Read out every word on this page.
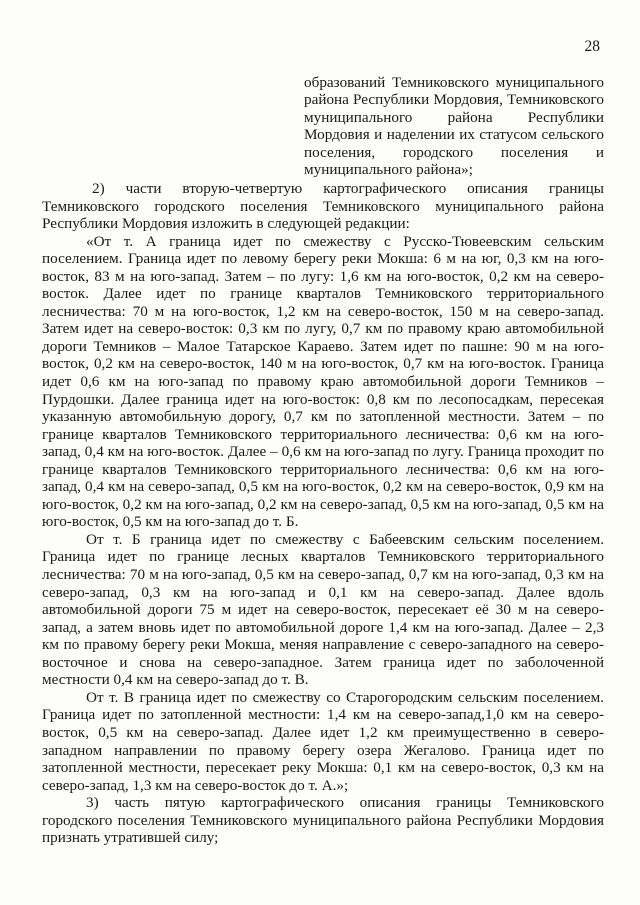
28
образований Темниковского муниципального района Республики Мордовия, Темниковского муниципального района Республики Мордовия и наделении их статусом сельского поселения, городского поселения и муниципального района»;

2) части вторую-четвертую картографического описания границы Темниковского городского поселения Темниковского муниципального района Республики Мордовия изложить в следующей редакции:

«От т. А граница идет по смежеству с Русско-Тювеевским сельским поселением. Граница идет по левому берегу реки Мокша: 6 м на юг, 0,3 км на юго-восток, 83 м на юго-запад. Затем – по лугу: 1,6 км на юго-восток, 0,2 км на северо-восток. Далее идет по границе кварталов Темниковского территориального лесничества: 70 м на юго-восток, 1,2 км на северо-восток, 150 м на северо-запад. Затем идет на северо-восток: 0,3 км по лугу, 0,7 км по правому краю автомобильной дороги Темников – Малое Татарское Караево. Затем идет по пашне: 90 м на юго-восток, 0,2 км на северо-восток, 140 м на юго-восток, 0,7 км на юго-восток. Граница идет 0,6 км на юго-запад по правому краю автомобильной дороги Темников – Пурдошки. Далее граница идет на юго-восток: 0,8 км по лесопосадкам, пересекая указанную автомобильную дорогу, 0,7 км по затопленной местности. Затем – по границе кварталов Темниковского территориального лесничества: 0,6 км на юго-запад, 0,4 км на юго-восток. Далее – 0,6 км на юго-запад по лугу. Граница проходит по границе кварталов Темниковского территориального лесничества: 0,6 км на юго-запад, 0,4 км на северо-запад, 0,5 км на юго-восток, 0,2 км на северо-восток, 0,9 км на юго-восток, 0,2 км на юго-запад, 0,2 км на северо-запад, 0,5 км на юго-запад, 0,5 км на юго-восток, 0,5 км на юго-запад до т. Б.

От т. Б граница идет по смежеству с Бабеевским сельским поселением. Граница идет по границе лесных кварталов Темниковского территориального лесничества: 70 м на юго-запад, 0,5 км на северо-запад, 0,7 км на юго-запад, 0,3 км на северо-запад, 0,3 км на юго-запад и 0,1 км на северо-запад. Далее вдоль автомобильной дороги 75 м идет на северо-восток, пересекает её 30 м на северо-запад, а затем вновь идет по автомобильной дороге 1,4 км на юго-запад. Далее – 2,3 км по правому берегу реки Мокша, меняя направление с северо-западного на северо-восточное и снова на северо-западное. Затем граница идет по заболоченной местности 0,4 км на северо-запад до т. В.

От т. В граница идет по смежеству со Старогородским сельским поселением. Граница идет по затопленной местности: 1,4 км на северо-запад,1,0 км на северо-восток, 0,5 км на северо-запад. Далее идет 1,2 км преимущественно в северо-западном направлении по правому берегу озера Жегалово. Граница идет по затопленной местности, пересекает реку Мокша: 0,1 км на северо-восток, 0,3 км на северо-запад, 1,3 км на северо-восток до т. А.»;

3) часть пятую картографического описания границы Темниковского городского поселения Темниковского муниципального района Республики Мордовия признать утратившей силу;
